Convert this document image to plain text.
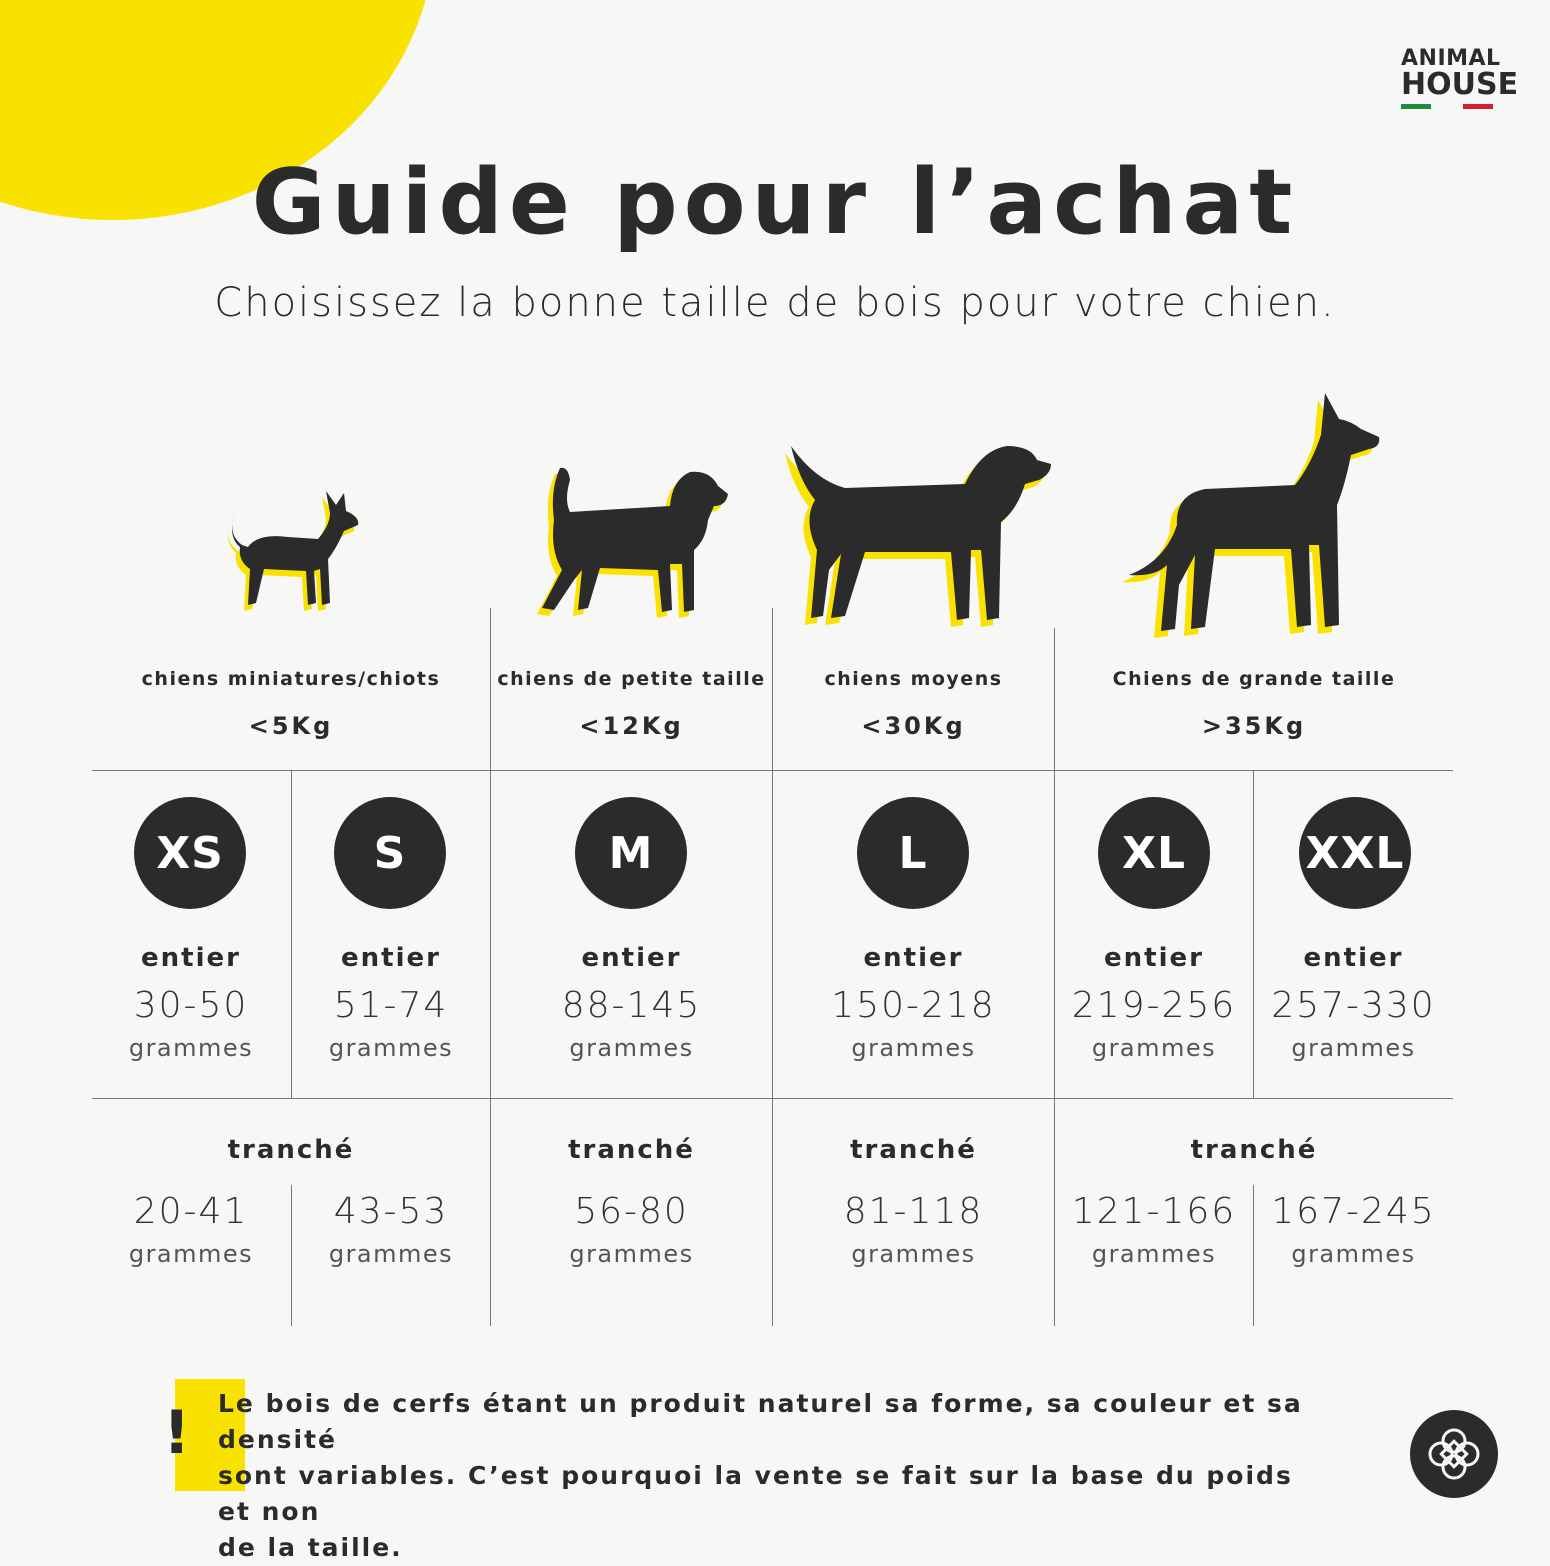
ANIMAL
HOUSE
Guide pour l’achat
Choisissez la bonne taille de bois pour votre chien.
chiens miniatures/chiots
<5Kg
chiens de petite taille
<12Kg
chiens moyens
<30Kg
Chiens de grande taille
>35Kg
XS	S	M	L	XL	XXL
entier	entier	entier	entier	entier	entier
30-50	51-74	88-145	150-218	219-256 257-330
grammes	grammes	grammes	grammes	grammes	grammes
tranché	tranché	tranché	tranché
20-41	43-53	56-80	81-118	121-166 167-245
grammes	grammes	grammes	grammes	grammes	grammes
! Le bois de cerfs étant un produit naturel sa forme, sa couleur et sa densité
sont variables. C’est pourquoi la vente se fait sur la base du poids et non
de la taille.
